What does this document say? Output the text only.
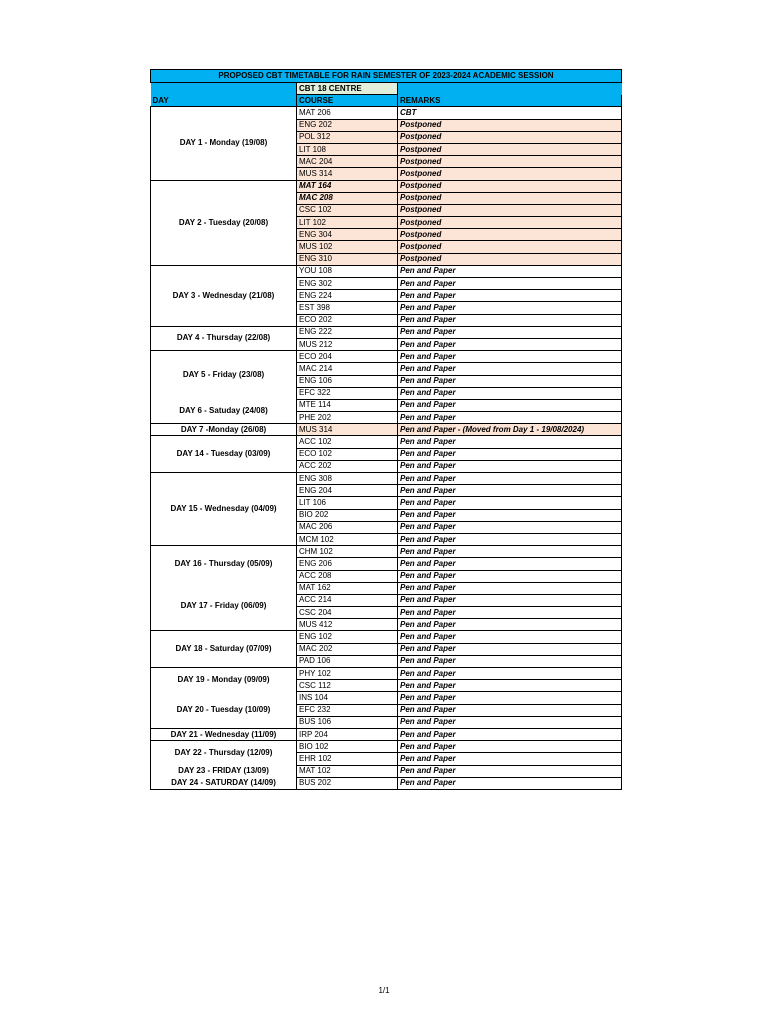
PROPOSED CBT TIMETABLE FOR RAIN SEMESTER OF 2023-2024 ACADEMIC SESSION		
	CBT 18 CENTRE	
DAY	COURSE	REMARKS
DAY 1 - Monday (19/08)	MAT 206	CBT
	ENG 202	Postponed
	POL 312	Postponed
	LIT 108	Postponed
	MAC 204	Postponed
	MUS 314	Postponed
DAY 2 - Tuesday (20/08)	MAT 164	Postponed
	MAC 208	Postponed
	CSC 102	Postponed
	LIT 102	Postponed
	ENG 304	Postponed
	MUS 102	Postponed
	ENG 310	Postponed
DAY 3 - Wednesday (21/08)	YOU 108	Pen and Paper
	ENG 302	Pen and Paper
	ENG 224	Pen and Paper
	EST 398	Pen and Paper
	ECO 202	Pen and Paper
DAY 4 - Thursday (22/08)	ENG 222	Pen and Paper
	MUS 212	Pen and Paper
DAY 5 - Friday (23/08)	ECO 204	Pen and Paper
	MAC 214	Pen and Paper
	ENG 106	Pen and Paper
	EFC 322	Pen and Paper
DAY 6 - Satuday (24/08)	MTE 114	Pen and Paper
	PHE 202	Pen and Paper
DAY 7 -Monday (26/08)	MUS 314	Pen and Paper - (Moved from Day 1 - 19/08/2024)
DAY 14 - Tuesday (03/09)	ACC 102	Pen and Paper
	ECO 102	Pen and Paper
	ACC 202	Pen and Paper
DAY 15 - Wednesday (04/09)	ENG 308	Pen and Paper
	ENG 204	Pen and Paper
	LIT 106	Pen and Paper
	BIO 202	Pen and Paper
	MAC 206	Pen and Paper
	MCM 102	Pen and Paper
DAY 16 - Thursday (05/09)	CHM 102	Pen and Paper
	ENG 206	Pen and Paper
	ACC 208	Pen and Paper
DAY 17 - Friday (06/09)	MAT 162	Pen and Paper
	ACC 214	Pen and Paper
	CSC 204	Pen and Paper
	MUS 412	Pen and Paper
DAY 18 - Saturday (07/09)	ENG 102	Pen and Paper
	MAC 202	Pen and Paper
	PAD 106	Pen and Paper
DAY 19 - Monday (09/09)	PHY 102	Pen and Paper
	CSC 112	Pen and Paper
DAY 20 - Tuesday (10/09)	INS 104	Pen and Paper
	EFC 232	Pen and Paper
	BUS 106	Pen and Paper
DAY 21 - Wednesday (11/09)	IRP 204	Pen and Paper
DAY 22 - Thursday (12/09)	BIO 102	Pen and Paper
	EHR 102	Pen and Paper
DAY 23 - FRIDAY (13/09)	MAT 102	Pen and Paper
DAY 24 - SATURDAY (14/09)	BUS 202	Pen and Paper
1/1
